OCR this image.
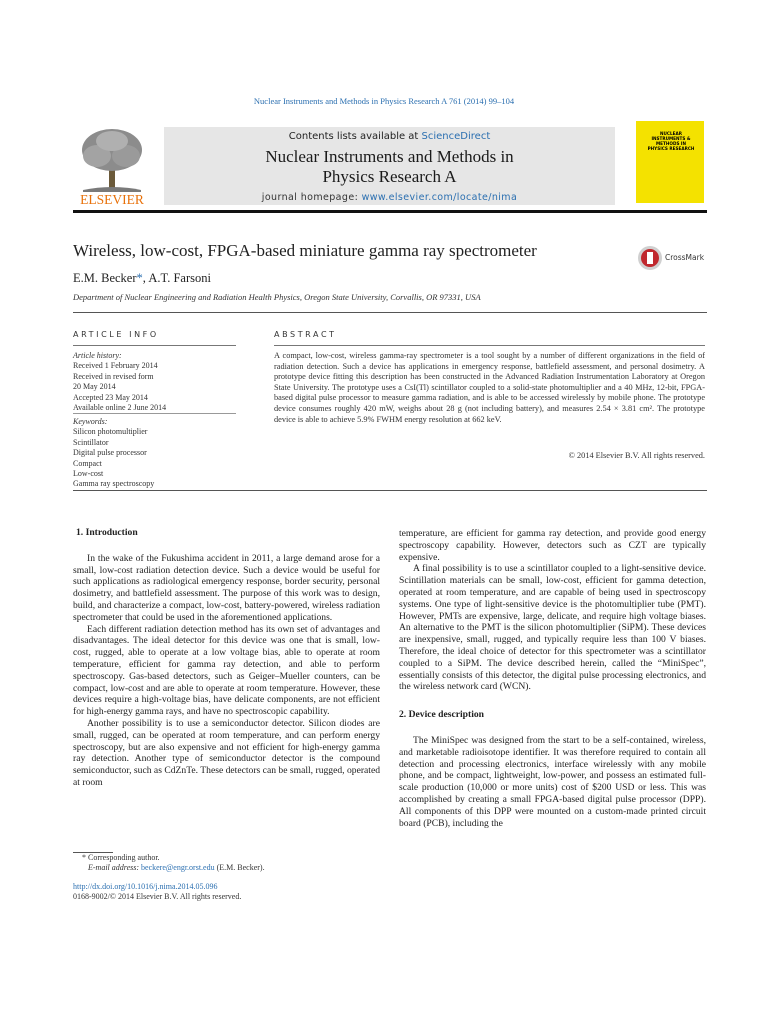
Nuclear Instruments and Methods in Physics Research A 761 (2014) 99–104
ELSEVIER
Contents lists available at ScienceDirect
Nuclear Instruments and Methods in
Physics Research A
journal homepage: www.elsevier.com/locate/nima
NUCLEAR INSTRUMENTS & METHODS IN PHYSICS RESEARCH
Wireless, low-cost, FPGA-based miniature gamma ray spectrometer	CrossMark
E.M. Becker*, A.T. Farsoni
Department of Nuclear Engineering and Radiation Health Physics, Oregon State University, Corvallis, OR 97331, USA
ARTICLE INFO
Article history:
Received 1 February 2014
Received in revised form
20 May 2014
Accepted 23 May 2014
Available online 2 June 2014
Keywords:
Silicon photomultiplier
Scintillator
Digital pulse processor
Compact
Low-cost
Gamma ray spectroscopy
ABSTRACT
A compact, low-cost, wireless gamma-ray spectrometer is a tool sought by a number of different organizations in the field of radiation detection. Such a device has applications in emergency response, battlefield assessment, and personal dosimetry. A prototype device fitting this description has been constructed in the Advanced Radiation Instrumentation Laboratory at Oregon State University. The prototype uses a CsI(Tl) scintillator coupled to a solid-state photomultiplier and a 40 MHz, 12-bit, FPGA-based digital pulse processor to measure gamma radiation, and is able to be accessed wirelessly by mobile phone. The prototype device consumes roughly 420 mW, weighs about 28 g (not including battery), and measures 2.54 × 3.81 cm². The prototype device is able to achieve 5.9% FWHM energy resolution at 662 keV.
© 2014 Elsevier B.V. All rights reserved.
1. Introduction

In the wake of the Fukushima accident in 2011, a large demand arose for a small, low-cost radiation detection device. Such a device would be useful for such applications as radiological emergency response, border security, personal dosimetry, and battlefield assessment. The purpose of this work was to design, build, and characterize a compact, low-cost, battery-powered, wireless radiation spectrometer that could be used in the aforementioned applications.

Each different radiation detection method has its own set of advantages and disadvantages. The ideal detector for this device was one that is small, low-cost, rugged, able to operate at a low voltage bias, able to operate at room temperature, efficient for gamma ray detection, and able to perform spectroscopy. Gas-based detectors, such as Geiger–Mueller counters, can be compact, low-cost and are able to operate at room temperature. However, these devices require a high-voltage bias, have delicate components, are not efficient for high-energy gamma rays, and have no spectroscopic capability.

Another possibility is to use a semiconductor detector. Silicon diodes are small, rugged, can be operated at room temperature, and can perform energy spectroscopy, but are also expensive and not efficient for high-energy gamma ray detection. Another type of semiconductor detector is the compound semiconductor, such as CdZnTe. These detectors can be small, rugged, operated at room

temperature, are efficient for gamma ray detection, and provide good energy spectroscopy capability. However, detectors such as CZT are typically expensive.

A final possibility is to use a scintillator coupled to a light-sensitive device. Scintillation materials can be small, low-cost, efficient for gamma detection, operated at room temperature, and are capable of being used in spectroscopy systems. One type of light-sensitive device is the photomultiplier tube (PMT). However, PMTs are expensive, large, delicate, and require high voltage biases. An alternative to the PMT is the silicon photomultiplier (SiPM). These devices are inexpensive, small, rugged, and typically require less than 100 V biases. Therefore, the ideal choice of detector for this spectrometer was a scintillator coupled to a SiPM. The device described herein, called the “MiniSpec”, essentially consists of this detector, the digital pulse processing electronics, and the wireless network card (WCN).

2. Device description

The MiniSpec was designed from the start to be a self-contained, wireless, and marketable radioisotope identifier. It was therefore required to contain all detection and processing electronics, interface wirelessly with any mobile phone, and be compact, lightweight, low-power, and possess an estimated full-scale production (10,000 or more units) cost of $200 USD or less. This was accomplished by creating a small FPGA-based digital pulse processor (DPP). All components of this DPP were mounted on a custom-made printed circuit board (PCB), including the

* Corresponding author.
E-mail address: beckere@engr.orst.edu (E.M. Becker).
http://dx.doi.org/10.1016/j.nima.2014.05.096
0168-9002/© 2014 Elsevier B.V. All rights reserved.
